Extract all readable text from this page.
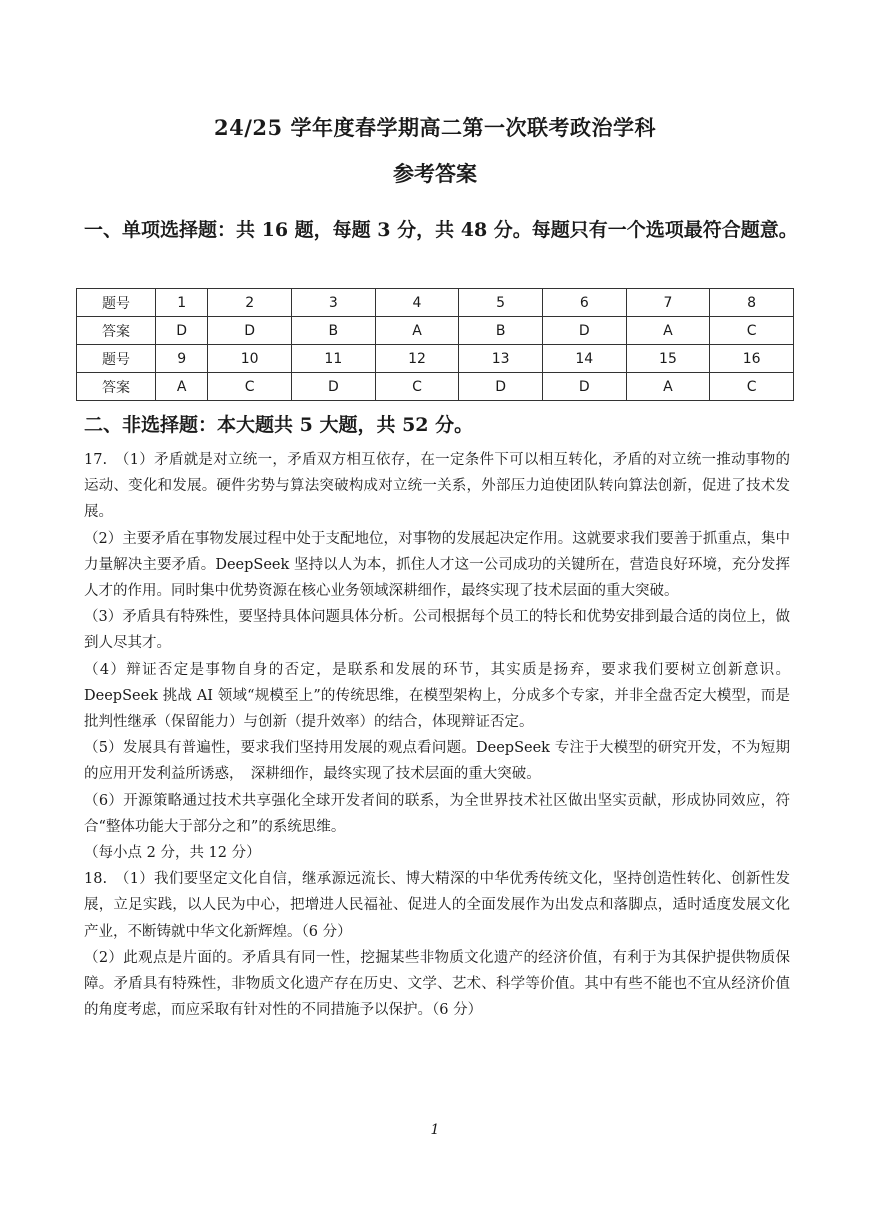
24/25 学年度春学期高二第一次联考政治学科
参考答案
一、单项选择题：共 16 题，每题 3 分，共 48 分。每题只有一个选项最符合题意。
题号	1	2	3	4	5	6	7	8
答案	D	D	B	A	B	D	A	C
题号	9	10	11	12	13	14	15	16
答案	A	C	D	C	D	D	A	C
二、非选择题：本大题共 5 大题，共 52 分。

17.　（1）矛盾就是对立统一，矛盾双方相互依存，在一定条件下可以相互转化，矛盾的对立统一推动事物的运动、变化和发展。硬件劣势与算法突破构成对立统一关系，外部压力迫使团队转向算法创新，促进了技术发展。

（2）主要矛盾在事物发展过程中处于支配地位，对事物的发展起决定作用。这就要求我们要善于抓重点，集中力量解决主要矛盾。DeepSeek 坚持以人为本，抓住人才这一公司成功的关键所在，营造良好环境，充分发挥人才的作用。同时集中优势资源在核心业务领域深耕细作，最终实现了技术层面的重大突破。

（3）矛盾具有特殊性，要坚持具体问题具体分析。公司根据每个员工的特长和优势安排到最合适的岗位上，做到人尽其才。

（4）辩证否定是事物自身的否定，是联系和发展的环节，其实质是扬弃，要求我们要树立创新意识。DeepSeek 挑战 AI 领域“规模至上”的传统思维，在模型架构上，分成多个专家，并非全盘否定大模型，而是批判性继承（保留能力）与创新（提升效率）的结合，体现辩证否定。

（5）发展具有普遍性，要求我们坚持用发展的观点看问题。DeepSeek 专注于大模型的研究开发，不为短期的应用开发利益所诱惑，　深耕细作，最终实现了技术层面的重大突破。

（6）开源策略通过技术共享强化全球开发者间的联系，为全世界技术社区做出坚实贡献，形成协同效应，符合“整体功能大于部分之和”的系统思维。

（每小点 2 分，共 12 分）

18.　（1）我们要坚定文化自信，继承源远流长、博大精深的中华优秀传统文化，坚持创造性转化、创新性发展，立足实践，以人民为中心，把增进人民福祉、促进人的全面发展作为出发点和落脚点，适时适度发展文化产业，不断铸就中华文化新辉煌。（6 分）

（2）此观点是片面的。矛盾具有同一性，挖掘某些非物质文化遗产的经济价值，有利于为其保护提供物质保障。矛盾具有特殊性，非物质文化遗产存在历史、文学、艺术、科学等价值。其中有些不能也不宜从经济价值的角度考虑，而应采取有针对性的不同措施予以保护。（6 分）

1
